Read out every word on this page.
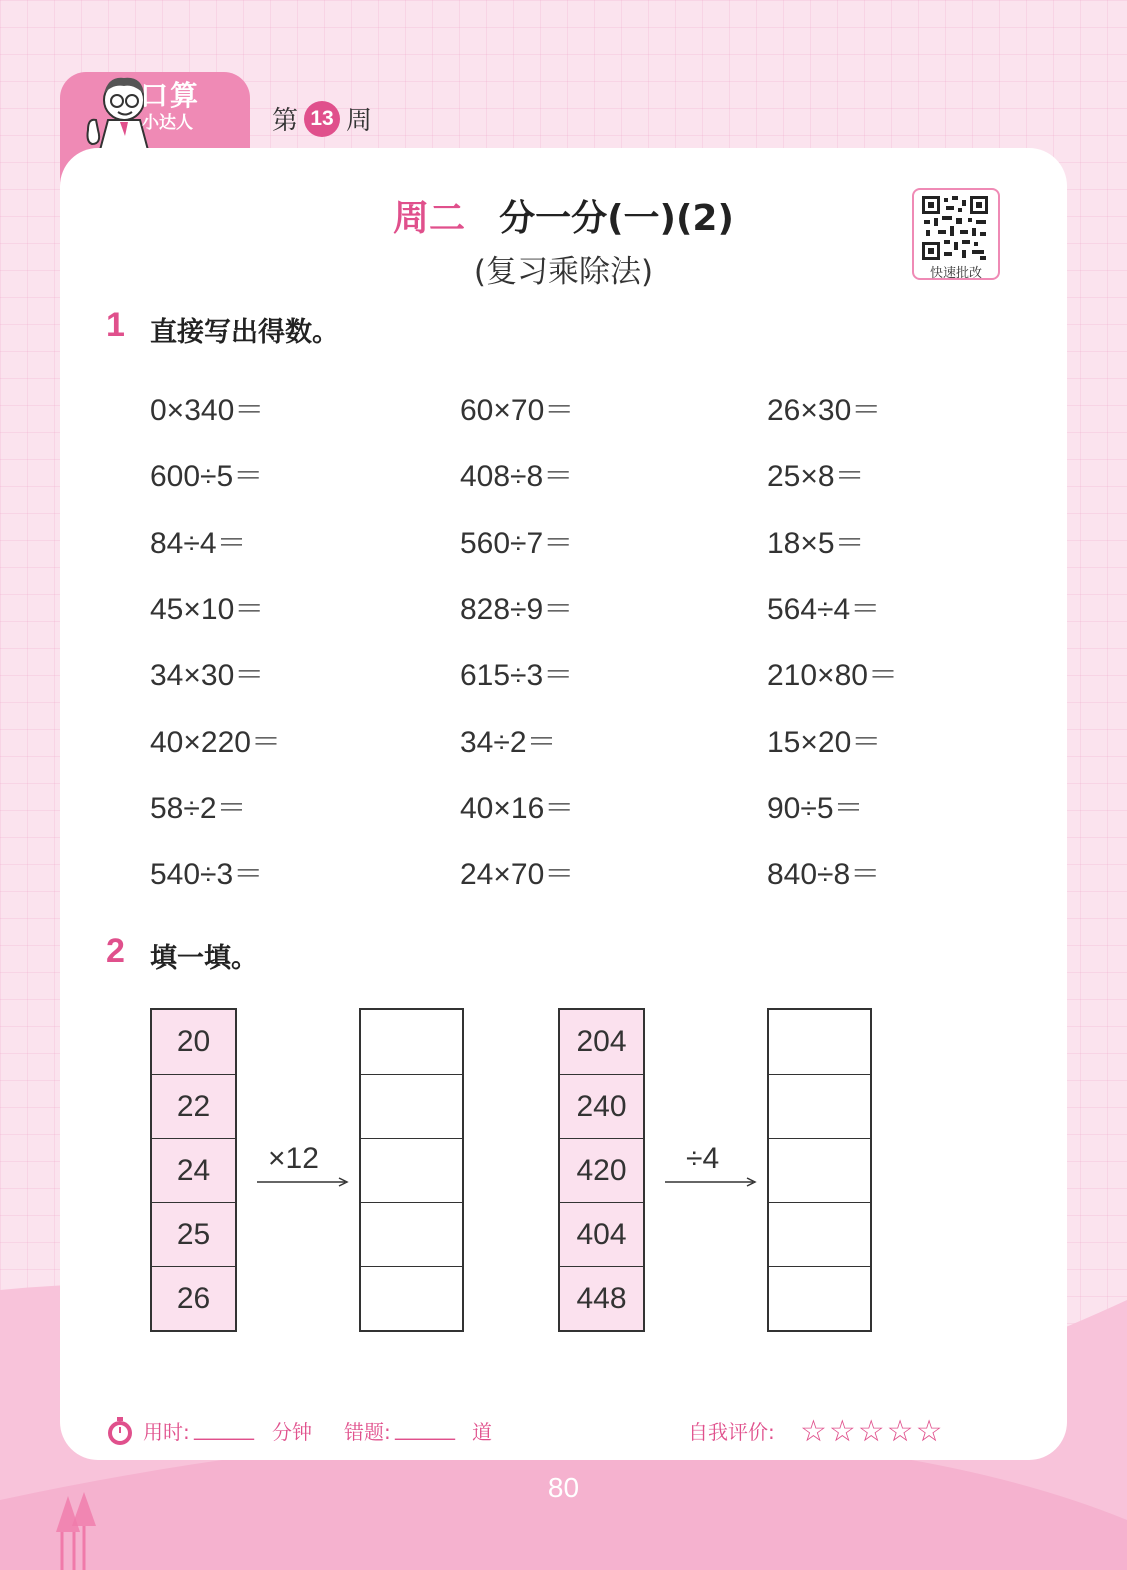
口算
小达人	第 13 周
周二 分一分(一)(2)
(复习乘除法)	快速批改
1 直接写出得数。
0×340＝	60×70＝	26×30＝
600÷5＝	408÷8＝	25×8＝
84÷4＝	560÷7＝	18×5＝
45×10＝	828÷9＝	564÷4＝
34×30＝	615÷3＝	210×80＝
40×220＝	34÷2＝	15×20＝
58÷2＝	40×16＝	90÷5＝
540÷3＝	24×70＝	840÷8＝
2 填一填。
20
22
24
25
26
×12
204
240
420
404
448
÷4
用时: ______ 分钟 错题: ______ 道	自我评价: ☆☆☆☆☆
80
